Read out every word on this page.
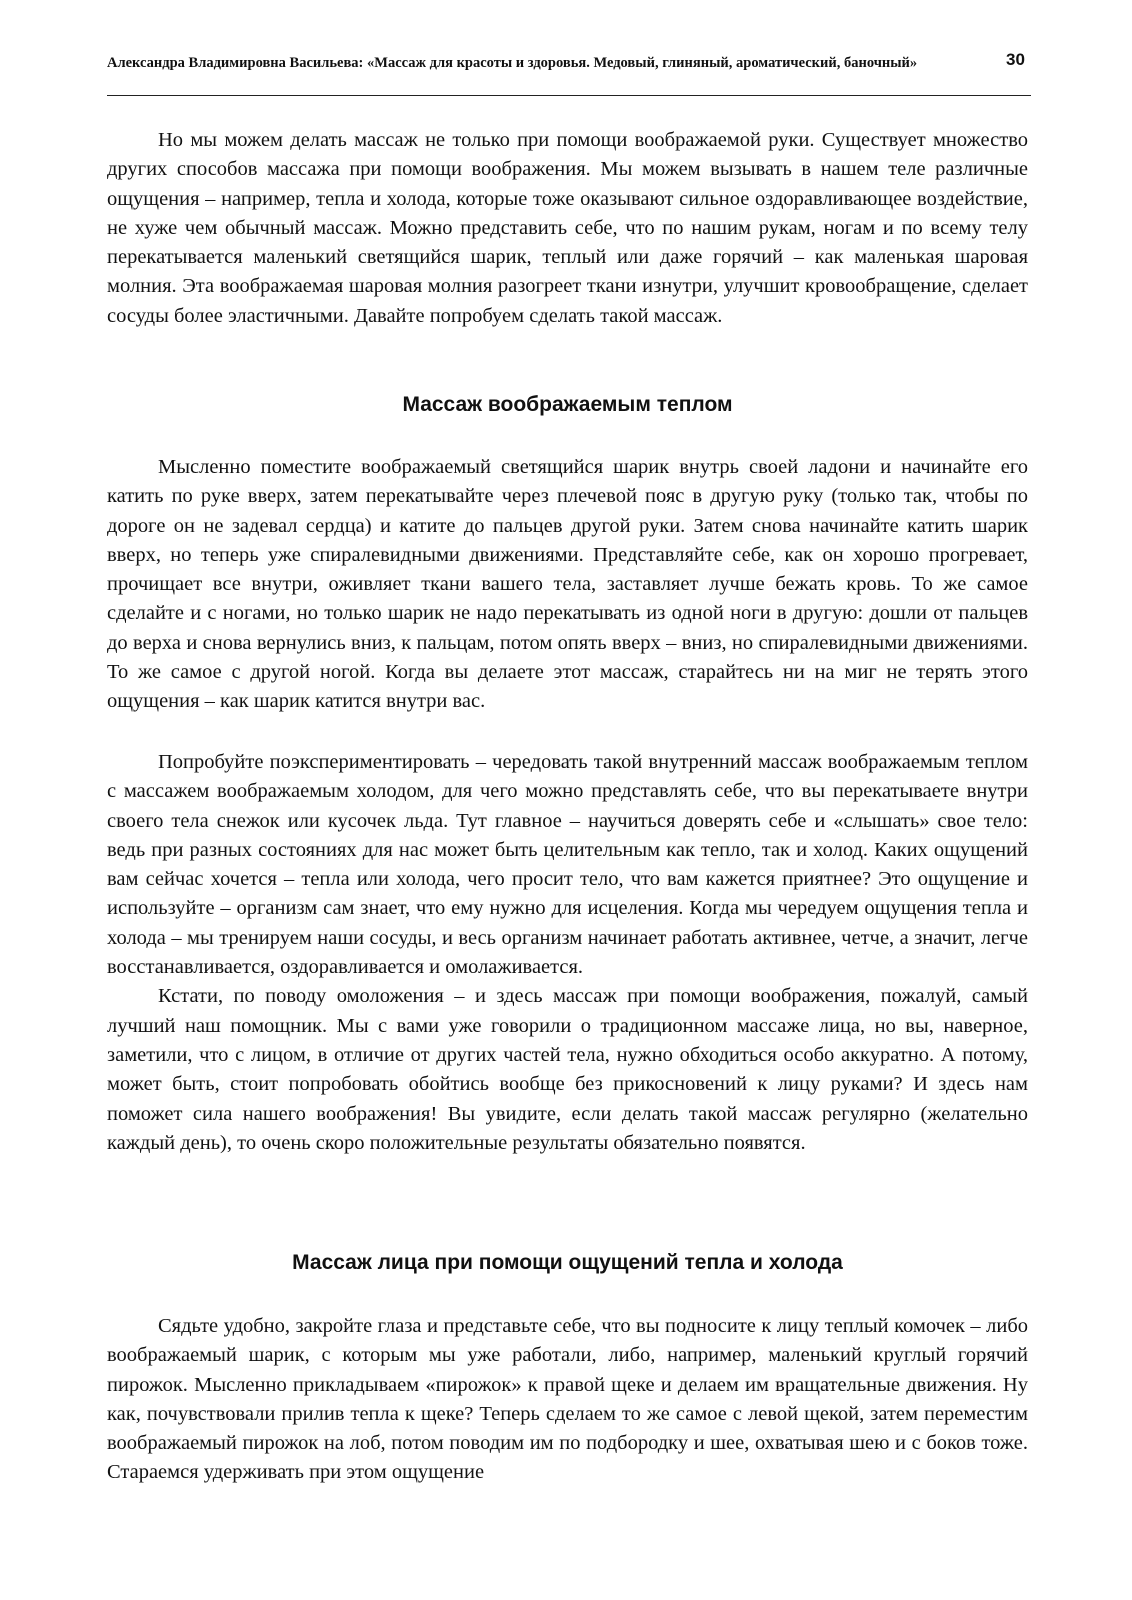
Александра Владимировна Васильева: «Массаж для красоты и здоровья. Медовый, глиняный, ароматический, баночный»	30

Но мы можем делать массаж не только при помощи воображаемой руки. Существует множество других способов массажа при помощи воображения. Мы можем вызывать в нашем теле различные ощущения – например, тепла и холода, которые тоже оказывают сильное оздоравливающее воздействие, не хуже чем обычный массаж. Можно представить себе, что по нашим рукам, ногам и по всему телу перекатывается маленький светящийся шарик, теплый или даже горячий – как маленькая шаровая молния. Эта воображаемая шаровая молния разогреет ткани изнутри, улучшит кровообращение, сделает сосуды более эластичными. Давайте попробуем сделать такой массаж.

Массаж воображаемым теплом

Мысленно поместите воображаемый светящийся шарик внутрь своей ладони и начинайте его катить по руке вверх, затем перекатывайте через плечевой пояс в другую руку (только так, чтобы по дороге он не задевал сердца) и катите до пальцев другой руки. Затем снова начинайте катить шарик вверх, но теперь уже спиралевидными движениями. Представляйте себе, как он хорошо прогревает, прочищает все внутри, оживляет ткани вашего тела, заставляет лучше бежать кровь. То же самое сделайте и с ногами, но только шарик не надо перекатывать из одной ноги в другую: дошли от пальцев до верха и снова вернулись вниз, к пальцам, потом опять вверх – вниз, но спиралевидными движениями. То же самое с другой ногой. Когда вы делаете этот массаж, старайтесь ни на миг не терять этого ощущения – как шарик катится внутри вас.

Попробуйте поэкспериментировать – чередовать такой внутренний массаж воображаемым теплом с массажем воображаемым холодом, для чего можно представлять себе, что вы перекатываете внутри своего тела снежок или кусочек льда. Тут главное – научиться доверять себе и «слышать» свое тело: ведь при разных состояниях для нас может быть целительным как тепло, так и холод. Каких ощущений вам сейчас хочется – тепла или холода, чего просит тело, что вам кажется приятнее? Это ощущение и используйте – организм сам знает, что ему нужно для исцеления. Когда мы чередуем ощущения тепла и холода – мы тренируем наши сосуды, и весь организм начинает работать активнее, четче, а значит, легче восстанавливается, оздоравливается и омолаживается.

Кстати, по поводу омоложения – и здесь массаж при помощи воображения, пожалуй, самый лучший наш помощник. Мы с вами уже говорили о традиционном массаже лица, но вы, наверное, заметили, что с лицом, в отличие от других частей тела, нужно обходиться особо аккуратно. А потому, может быть, стоит попробовать обойтись вообще без прикосновений к лицу руками? И здесь нам поможет сила нашего воображения! Вы увидите, если делать такой массаж регулярно (желательно каждый день), то очень скоро положительные результаты обязательно появятся.

Массаж лица при помощи ощущений тепла и холода

Сядьте удобно, закройте глаза и представьте себе, что вы подносите к лицу теплый комочек – либо воображаемый шарик, с которым мы уже работали, либо, например, маленький круглый горячий пирожок. Мысленно прикладываем «пирожок» к правой щеке и делаем им вращательные движения. Ну как, почувствовали прилив тепла к щеке? Теперь сделаем то же самое с левой щекой, затем переместим воображаемый пирожок на лоб, потом поводим им по подбородку и шее, охватывая шею и с боков тоже. Стараемся удерживать при этом ощущение
